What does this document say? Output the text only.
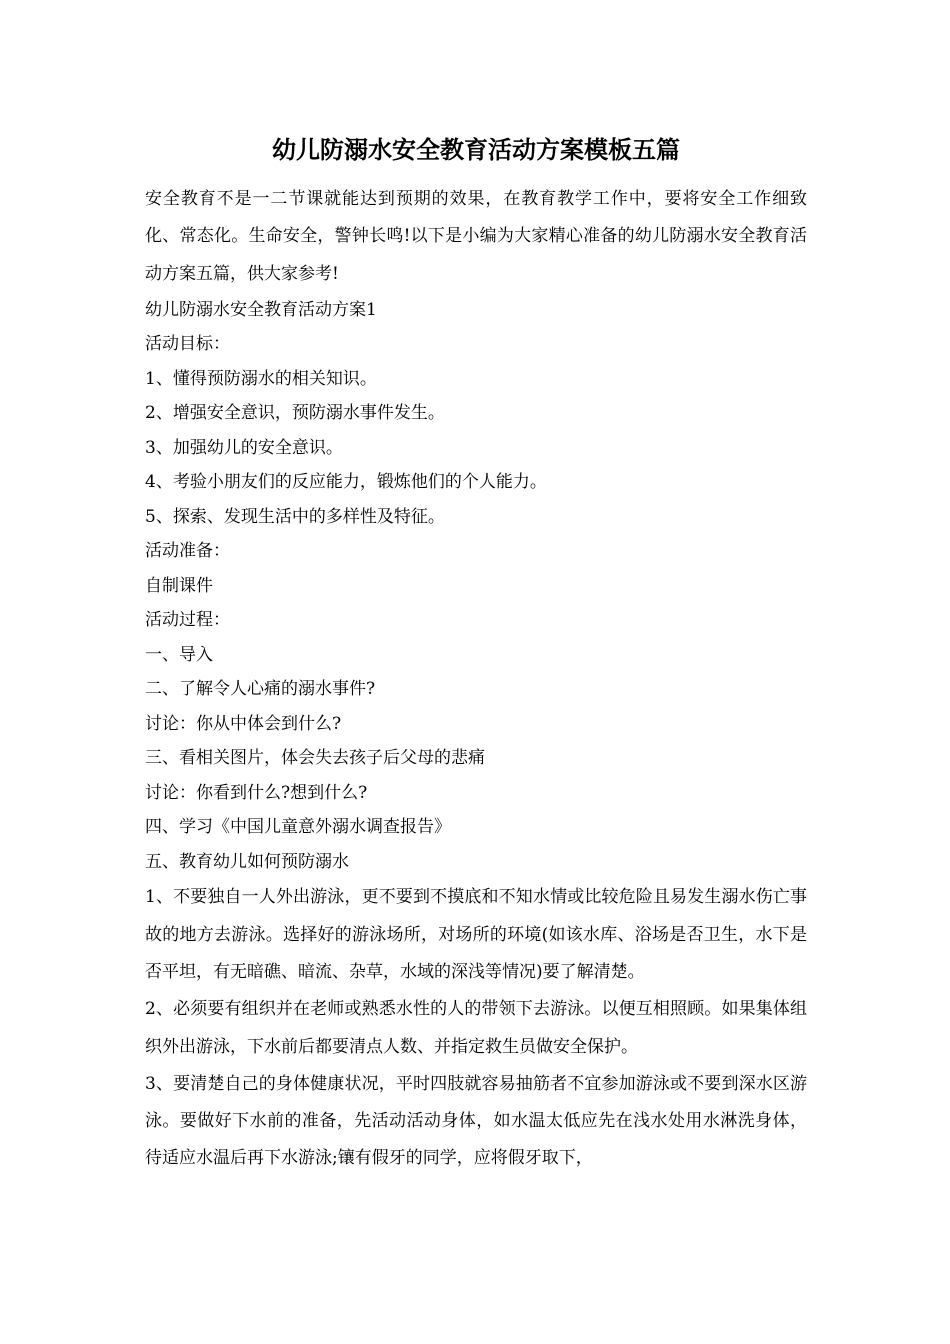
幼儿防溺水安全教育活动方案模板五篇

安全教育不是一二节课就能达到预期的效果，在教育教学工作中，要将安全工作细致化、常态化。生命安全，警钟长鸣!以下是小编为大家精心准备的幼儿防溺水安全教育活动方案五篇，供大家参考!

幼儿防溺水安全教育活动方案1

活动目标：

1、懂得预防溺水的相关知识。

2、增强安全意识，预防溺水事件发生。

3、加强幼儿的安全意识。

4、考验小朋友们的反应能力，锻炼他们的个人能力。

5、探索、发现生活中的多样性及特征。

活动准备：

自制课件

活动过程：

一、导入

二、了解令人心痛的溺水事件?

讨论：你从中体会到什么?

三、看相关图片，体会失去孩子后父母的悲痛

讨论：你看到什么?想到什么?

四、学习《中国儿童意外溺水调查报告》

五、教育幼儿如何预防溺水

1、不要独自一人外出游泳，更不要到不摸底和不知水情或比较危险且易发生溺水伤亡事故的地方去游泳。选择好的游泳场所，对场所的环境(如该水库、浴场是否卫生，水下是否平坦，有无暗礁、暗流、杂草，水域的深浅等情况)要了解清楚。

2、必须要有组织并在老师或熟悉水性的人的带领下去游泳。以便互相照顾。如果集体组织外出游泳，下水前后都要清点人数、并指定救生员做安全保护。

3、要清楚自己的身体健康状况，平时四肢就容易抽筋者不宜参加游泳或不要到深水区游泳。要做好下水前的准备，先活动活动身体，如水温太低应先在浅水处用水淋洗身体，待适应水温后再下水游泳;镶有假牙的同学，应将假牙取下，
